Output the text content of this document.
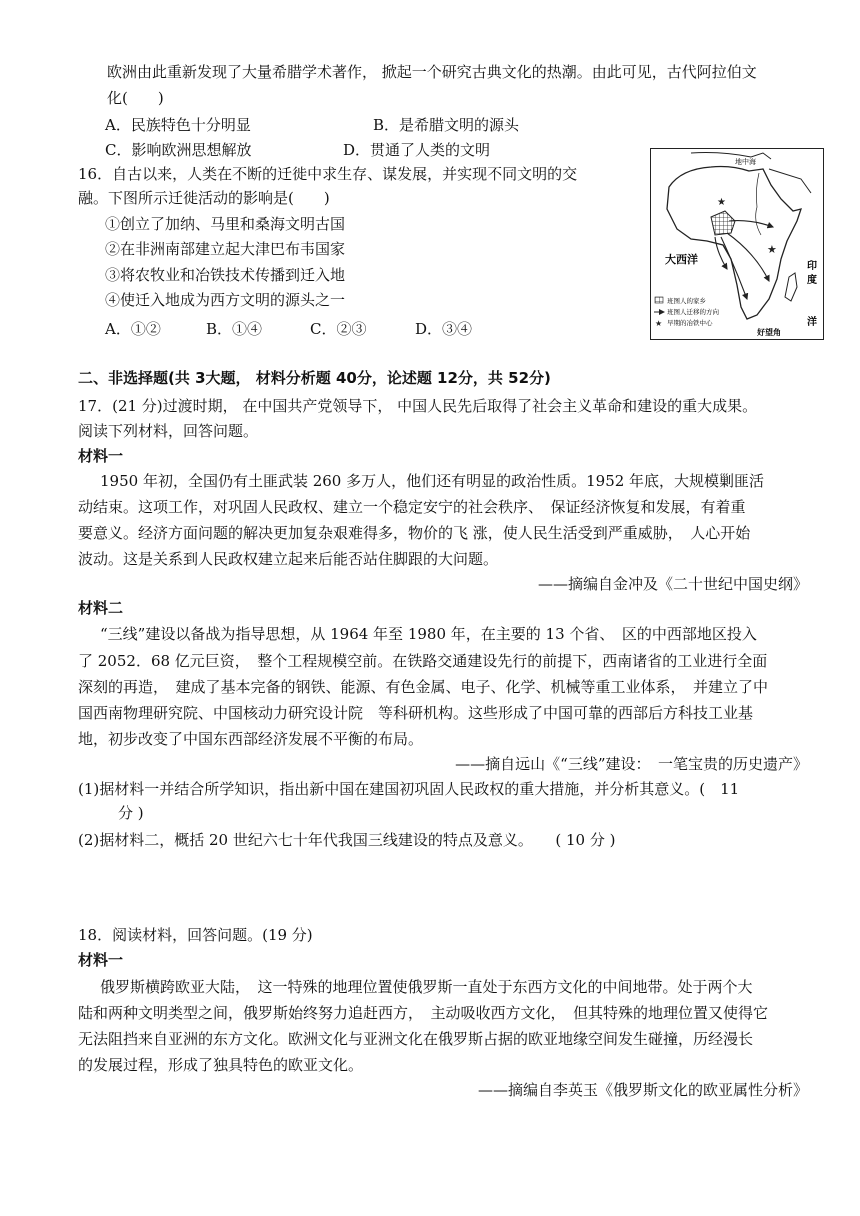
欧洲由此重新发现了大量希腊学术著作， 掀起一个研究古典文化的热潮。由此可见，古代阿拉伯文
化(　　)
A．民族特色十分明显	B．是希腊文明的源头
C．影响欧洲思想解放	D．贯通了人类的文明
16．自古以来，人类在不断的迁徙中求生存、谋发展，并实现不同文明的交
融。下图所示迁徙活动的影响是(　　)
①创立了加纳、马里和桑海文明古国
②在非洲南部建立起大津巴布韦国家
③将农牧业和冶铁技术传播到迁入地
④使迁入地成为西方文明的源头之一
A．①②	B．①④	C．②③	D．③④
★
★
地中海
大西洋
印
度
洋
好望角
班图人的家乡
班图人迁移的方向
★ 早期的冶铁中心
二、非选择题(共 3大题， 材料分析题 40分，论述题 12分，共 52分)
17．(21 分)过渡时期， 在中国共产党领导下， 中国人民先后取得了社会主义革命和建设的重大成果。
阅读下列材料，回答问题。
材料一
1950 年初，全国仍有土匪武装 260 多万人，他们还有明显的政治性质。1952 年底，大规模剿匪活
动结束。这项工作，对巩固人民政权、建立一个稳定安宁的社会秩序、　保证经济恢复和发展，有着重
要意义。经济方面问题的解决更加复杂艰难得多，物价的飞 涨，使人民生活受到严重威胁，　人心开始
波动。这是关系到人民政权建立起来后能否站住脚跟的大问题。
——摘编自金冲及《二十世纪中国史纲》
材料二
“三线”建设以备战为指导思想，从 1964 年至 1980 年，在主要的 13 个省、　区的中西部地区投入
了 2052．68 亿元巨资，　整个工程规模空前。在铁路交通建设先行的前提下，西南诸省的工业进行全面
深刻的再造，　建成了基本完备的钢铁、能源、有色金属、电子、化学、机械等重工业体系，　并建立了中
国西南物理研究院、中国核动力研究设计院　等科研机构。这些形成了中国可靠的西部后方科技工业基
地，初步改变了中国东西部经济发展不平衡的布局。
——摘自远山《“三线”建设：　一笔宝贵的历史遗产》
(1)据材料一并结合所学知识，指出新中国在建国初巩固人民政权的重大措施，并分析其意义。(　11
分 )
(2)据材料二，概括 20 世纪六七十年代我国三线建设的特点及意义。　　( 10 分 )
18．阅读材料，回答问题。(19 分)
材料一
俄罗斯横跨欧亚大陆，　这一特殊的地理位置使俄罗斯一直处于东西方文化的中间地带。处于两个大
陆和两种文明类型之间，俄罗斯始终努力追赶西方，　主动吸收西方文化，　但其特殊的地理位置又使得它
无法阻挡来自亚洲的东方文化。欧洲文化与亚洲文化在俄罗斯占据的欧亚地缘空间发生碰撞，历经漫长
的发展过程，形成了独具特色的欧亚文化。
——摘编自李英玉《俄罗斯文化的欧亚属性分析》
